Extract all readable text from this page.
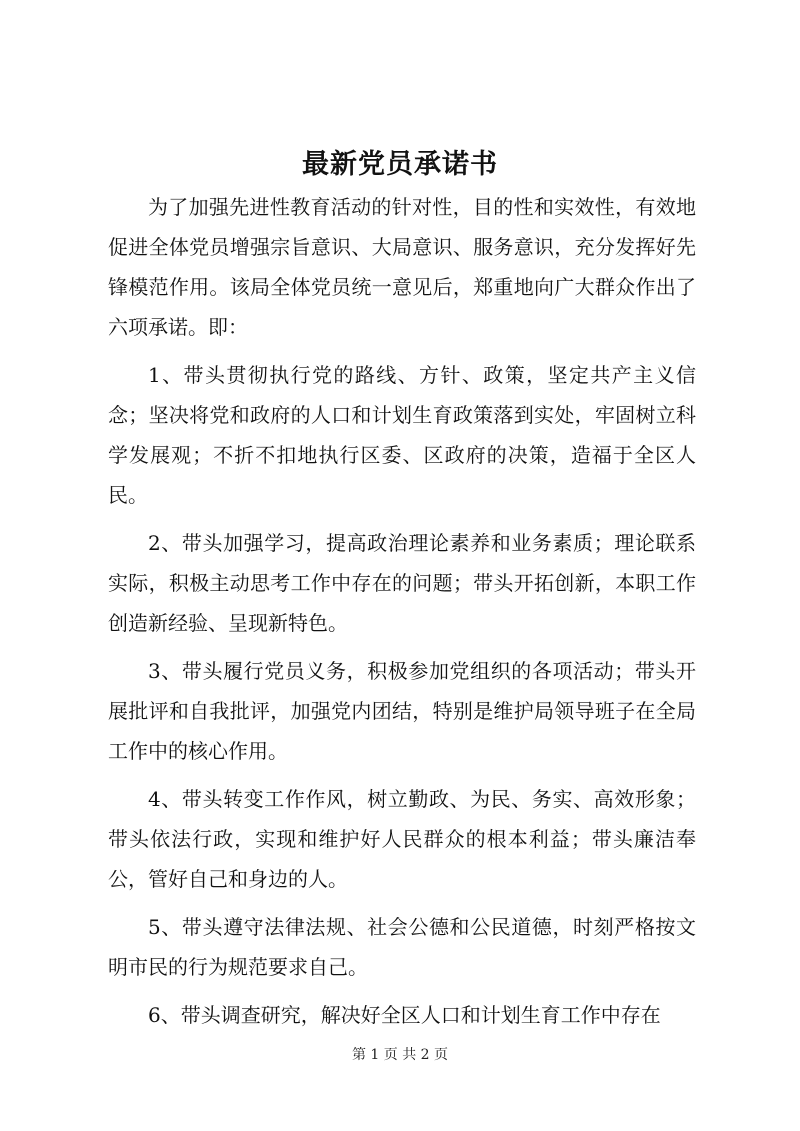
最新党员承诺书

为了加强先进性教育活动的针对性，目的性和实效性，有效地促进全体党员增强宗旨意识、大局意识、服务意识，充分发挥好先锋模范作用。该局全体党员统一意见后，郑重地向广大群众作出了六项承诺。即：

1、带头贯彻执行党的路线、方针、政策，坚定共产主义信念；坚决将党和政府的人口和计划生育政策落到实处，牢固树立科学发展观；不折不扣地执行区委、区政府的决策，造福于全区人民。

2、带头加强学习，提高政治理论素养和业务素质；理论联系实际，积极主动思考工作中存在的问题；带头开拓创新，本职工作创造新经验、呈现新特色。

3、带头履行党员义务，积极参加党组织的各项活动；带头开展批评和自我批评，加强党内团结，特别是维护局领导班子在全局工作中的核心作用。

4、带头转变工作作风，树立勤政、为民、务实、高效形象；带头依法行政，实现和维护好人民群众的根本利益；带头廉洁奉公，管好自己和身边的人。

5、带头遵守法律法规、社会公德和公民道德，时刻严格按文明市民的行为规范要求自己。

6、带头调查研究，解决好全区人口和计划生育工作中存在

第 1 页 共 2 页
